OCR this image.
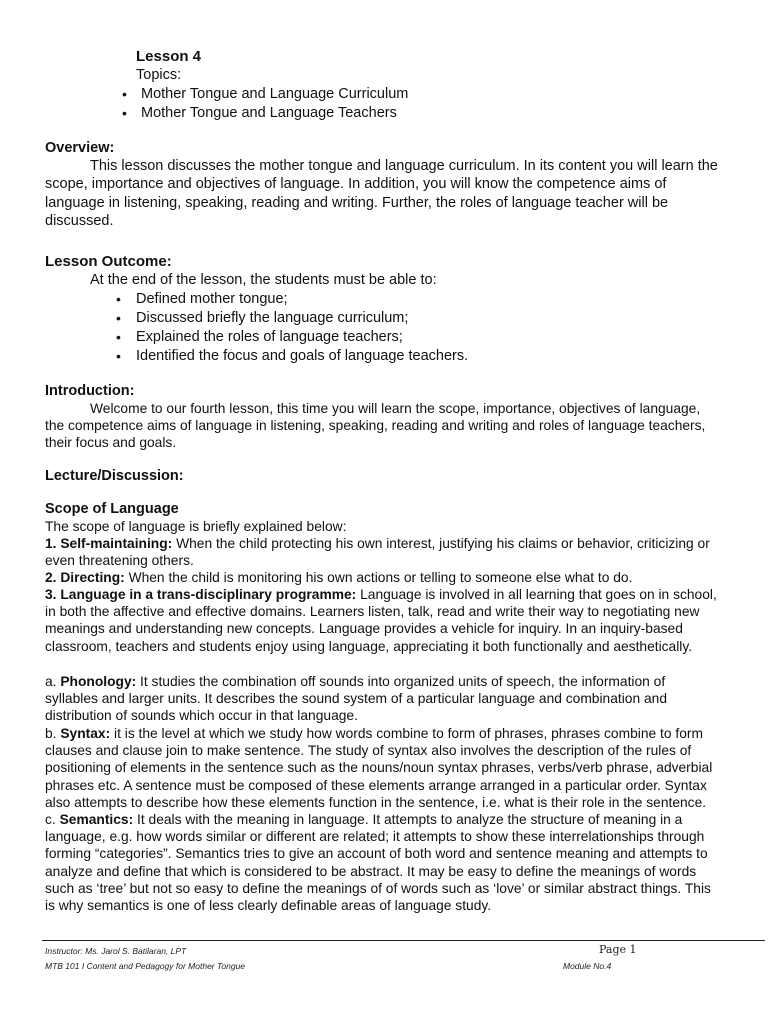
Lesson 4
Topics:
• Mother Tongue and Language Curriculum
• Mother Tongue and Language Teachers
Overview:
This lesson discusses the mother tongue and language curriculum. In its content you will learn the scope, importance and objectives of language. In addition, you will know the competence aims of language in listening, speaking, reading and writing. Further, the roles of language teacher will be discussed.
Lesson Outcome:
At the end of the lesson, the students must be able to:
• Defined mother tongue;
• Discussed briefly the language curriculum;
• Explained the roles of language teachers;
• Identified the focus and goals of language teachers.
Introduction:
Welcome to our fourth lesson, this time you will learn the scope, importance, objectives of language, the competence aims of language in listening, speaking, reading and writing and roles of language teachers, their focus and goals.
Lecture/Discussion:
Scope of Language
The scope of language is briefly explained below:
1. Self-maintaining: When the child protecting his own interest, justifying his claims or behavior, criticizing or even threatening others.
2. Directing: When the child is monitoring his own actions or telling to someone else what to do.
3. Language in a trans-disciplinary programme: Language is involved in all learning that goes on in school, in both the affective and effective domains. Learners listen, talk, read and write their way to negotiating new meanings and understanding new concepts. Language provides a vehicle for inquiry. In an inquiry-based classroom, teachers and students enjoy using language, appreciating it both functionally and aesthetically.
a. Phonology: It studies the combination off sounds into organized units of speech, the information of syllables and larger units. It describes the sound system of a particular language and combination and distribution of sounds which occur in that language.
b. Syntax: it is the level at which we study how words combine to form of phrases, phrases combine to form clauses and clause join to make sentence. The study of syntax also involves the description of the rules of positioning of elements in the sentence such as the nouns/noun syntax phrases, verbs/verb phrase, adverbial phrases etc. A sentence must be composed of these elements arrange arranged in a particular order. Syntax also attempts to describe how these elements function in the sentence, i.e. what is their role in the sentence.
c. Semantics: It deals with the meaning in language. It attempts to analyze the structure of meaning in a language, e.g. how words similar or different are related; it attempts to show these interrelationships through forming “categories”. Semantics tries to give an account of both word and sentence meaning and attempts to analyze and define that which is considered to be abstract. It may be easy to define the meanings of words such as ‘tree’ but not so easy to define the meanings of of words such as ‘love’ or similar abstract things. This is why semantics is one of less clearly definable areas of language study.
Instructor: Ms. Jarol S. Batilaran, LPT
MTB 101 I Content and Pedagogy for Mother Tongue
Page 1
Module No.4
